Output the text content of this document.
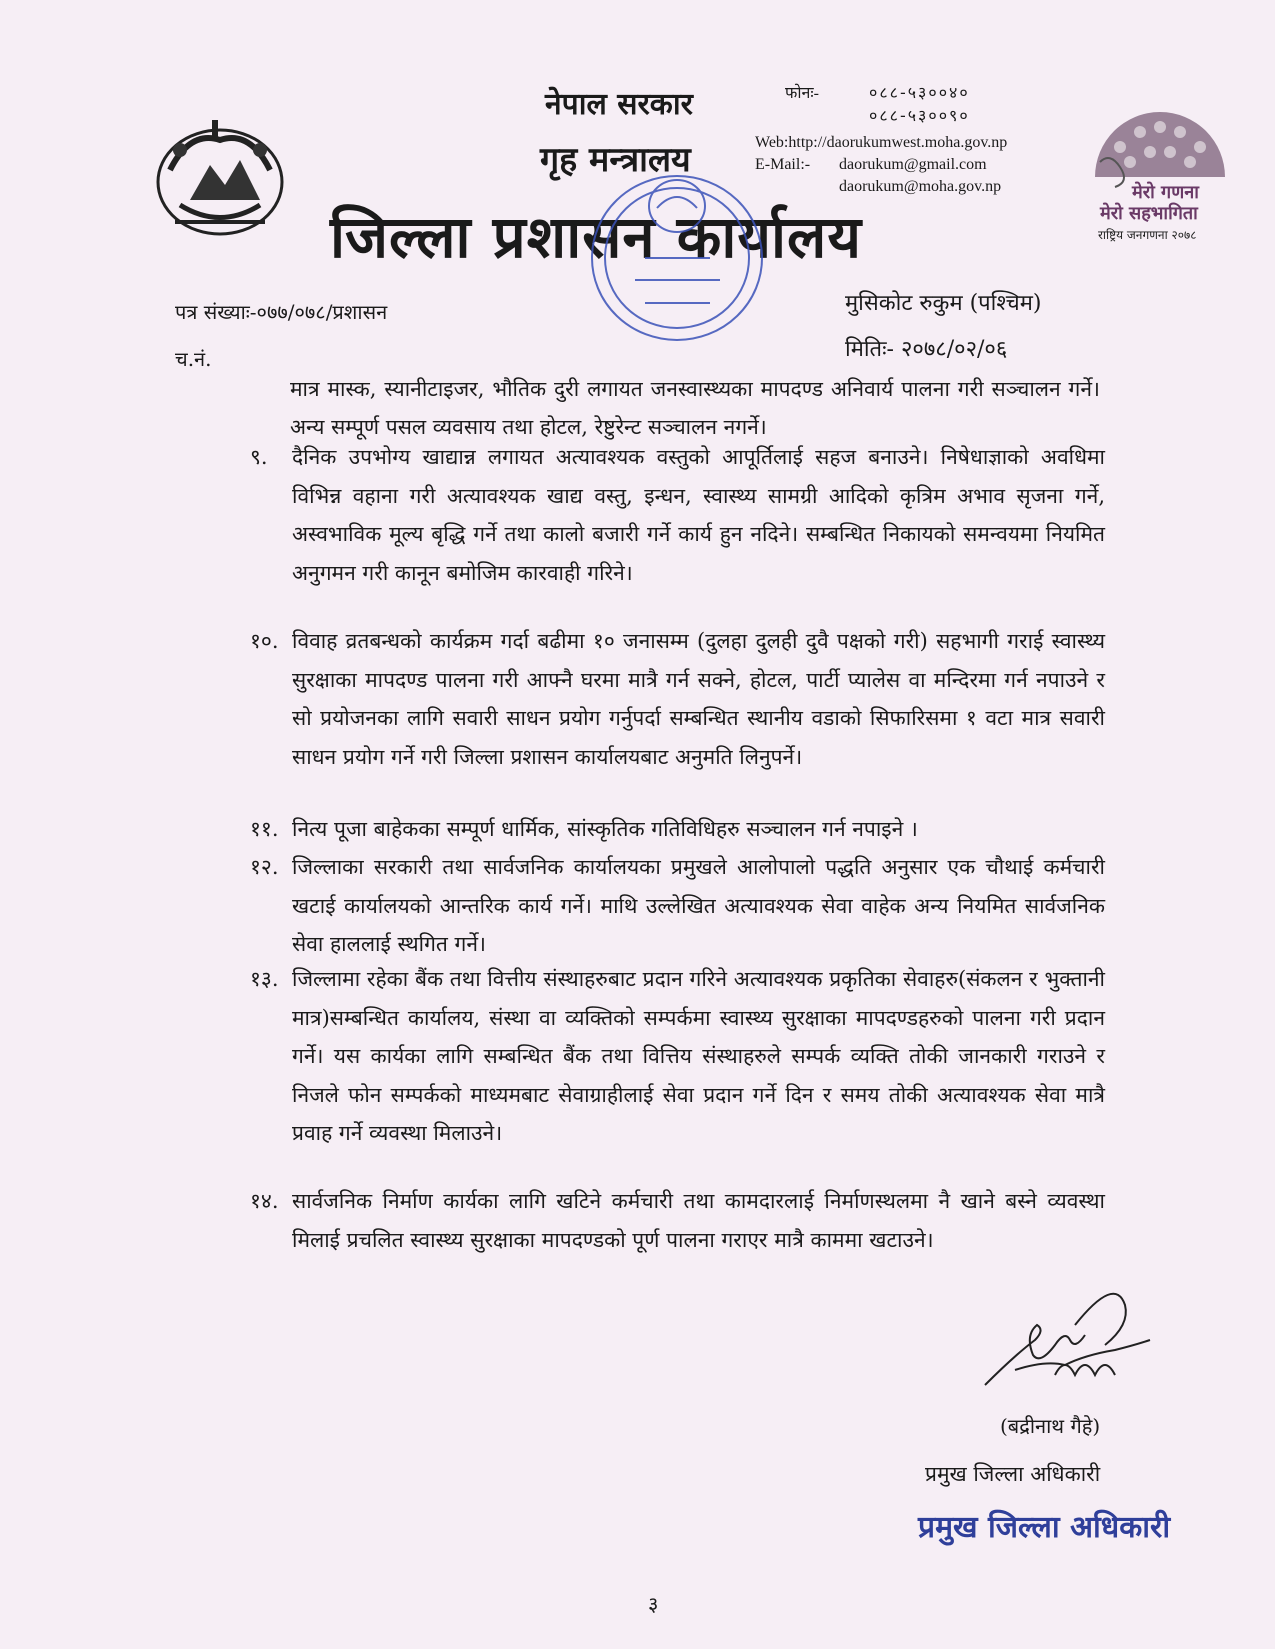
नेपाल सरकार
गृह मन्त्रालय
जिल्ला प्रशासन कार्यालय
फोनः-	०८८-५३००४०
०८८-५३००९०
Web:http://daorukumwest.moha.gov.np
E-Mail:- daorukum@gmail.com
daorukum@moha.gov.np	मेरो गणना
मेरो सहभागिता
राष्ट्रिय जनगणना २०७८
पत्र संख्याः-०७७/०७८/प्रशासन
च.नं.
मुसिकोट रुकुम (पश्चिम)
मितिः- २०७८/०२/०६
मात्र मास्क, स्यानीटाइजर, भौतिक दुरी लगायत जनस्वास्थ्यका मापदण्ड अनिवार्य पालना गरी सञ्चालन गर्ने। अन्य सम्पूर्ण पसल व्यवसाय तथा होटल, रेष्टुरेन्ट सञ्चालन नगर्ने।
९.	दैनिक उपभोग्य खाद्यान्न लगायत अत्यावश्यक वस्तुको आपूर्तिलाई सहज बनाउने। निषेधाज्ञाको अवधिमा विभिन्न वहाना गरी अत्यावश्यक खाद्य वस्तु, इन्धन, स्वास्थ्य सामग्री आदिको कृत्रिम अभाव सृजना गर्ने, अस्वभाविक मूल्य बृद्धि गर्ने तथा कालो बजारी गर्ने कार्य हुन नदिने। सम्बन्धित निकायको समन्वयमा नियमित अनुगमन गरी कानून बमोजिम कारवाही गरिने।
१०. विवाह व्रतबन्धको कार्यक्रम गर्दा बढीमा १० जनासम्म (दुलहा दुलही दुवै पक्षको गरी) सहभागी गराई स्वास्थ्य सुरक्षाका मापदण्ड पालना गरी आफ्नै घरमा मात्रै गर्न सक्ने, होटल, पार्टी प्यालेस वा मन्दिरमा गर्न नपाउने र सो प्रयोजनका लागि सवारी साधन प्रयोग गर्नुपर्दा सम्बन्धित स्थानीय वडाको सिफारिसमा १ वटा मात्र सवारी साधन प्रयोग गर्ने गरी जिल्ला प्रशासन कार्यालयबाट अनुमति लिनुपर्ने।
११. नित्य पूजा बाहेकका सम्पूर्ण धार्मिक, सांस्कृतिक गतिविधिहरु सञ्चालन गर्न नपाइने ।
१२. जिल्लाका सरकारी तथा सार्वजनिक कार्यालयका प्रमुखले आलोपालो पद्धति अनुसार एक चौथाई कर्मचारी खटाई कार्यालयको आन्तरिक कार्य गर्ने। माथि उल्लेखित अत्यावश्यक सेवा वाहेक अन्य नियमित सार्वजनिक सेवा हाललाई स्थगित गर्ने।
१३. जिल्लामा रहेका बैंक तथा वित्तीय संस्थाहरुबाट प्रदान गरिने अत्यावश्यक प्रकृतिका सेवाहरु(संकलन र भुक्तानी मात्र)सम्बन्धित कार्यालय, संस्था वा व्यक्तिको सम्पर्कमा स्वास्थ्य सुरक्षाका मापदण्डहरुको पालना गरी प्रदान गर्ने। यस कार्यका लागि सम्बन्धित बैंक तथा वित्तिय संस्थाहरुले सम्पर्क व्यक्ति तोकी जानकारी गराउने र निजले फोन सम्पर्कको माध्यमबाट सेवाग्राहीलाई सेवा प्रदान गर्ने दिन र समय तोकी अत्यावश्यक सेवा मात्रै प्रवाह गर्ने व्यवस्था मिलाउने।
१४. सार्वजनिक निर्माण कार्यका लागि खटिने कर्मचारी तथा कामदारलाई निर्माणस्थलमा नै खाने बस्ने व्यवस्था मिलाई प्रचलित स्वास्थ्य सुरक्षाका मापदण्डको पूर्ण पालना गराएर मात्रै काममा खटाउने।
(बद्रीनाथ गैहे)
प्रमुख जिल्ला अधिकारी
प्रमुख जिल्ला अधिकारी
३
